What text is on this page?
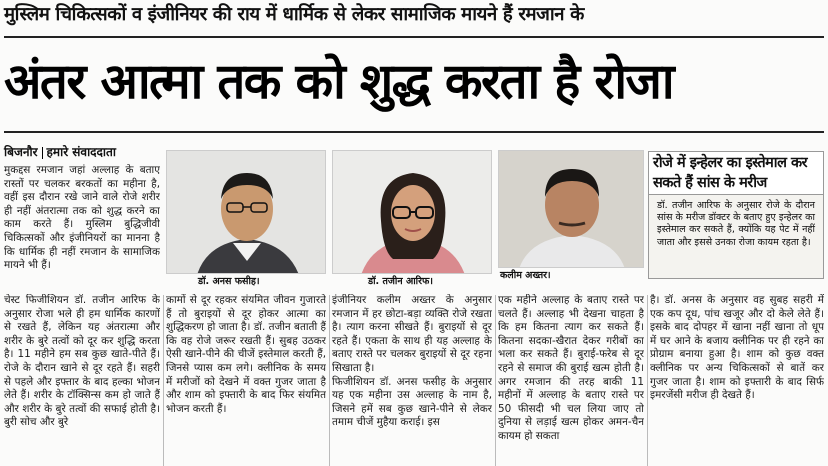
मुस्लिम चिकित्सकों व इंजीनियर की राय में धार्मिक से लेकर सामाजिक मायने हैं रमजान के
अंतर आत्मा तक को शुद्ध करता है रोजा
बिजनौर हमारे संवाददाता
मुकद्दस रमजान जहां अल्लाह के बताए रास्तों पर चलकर बरकतों का महीना है, वहीं इस दौरान रखे जाने वाले रोजे शरीर ही नहीं अंतरात्मा तक को शुद्ध करने का काम करते हैं। मुस्लिम बुद्धिजीवी चिकित्सकों और इंजीनियरों का मानना है कि धार्मिक ही नहीं रमजान के सामाजिक मायने भी हैं।
डॉ. अनस फसीह।	डॉ. तजीन आरिफ।
कलीम अख्तर।
रोजे में इन्हेलर का इस्तेमाल कर सकते हैं सांस के मरीज
डॉ. तजीन आरिफ के अनुसार रोजे के दौरान सांस के मरीज डॉक्टर के बताए हुए इन्हेलर का इस्तेमाल कर सकते हैं, क्योंकि यह पेट में नहीं जाता और इससे उनका रोजा कायम रहता है।
चेस्ट फिजीशियन डॉ. तजीन आरिफ के अनुसार रोजा भले ही हम धार्मिक कारणों से रखते हैं, लेकिन यह अंतरात्मा और शरीर के बुरे तत्वों को दूर कर शुद्धि करता है। 11 महीने हम सब कुछ खाते-पीते हैं। रोजे के दौरान खाने से दूर रहते हैं। सहरी से पहले और इफ्तार के बाद हल्का भोजन लेते हैं। शरीर के टॉक्सिन्स कम हो जाते हैं और शरीर के बुरे तत्वों की सफाई होती है। बुरी सोच और बुरे
कामों से दूर रहकर संयमित जीवन गुजारते हैं तो बुराइयों से दूर होकर आत्मा का शुद्धिकरण हो जाता है। डॉ. तजीन बताती हैं कि वह रोजे जरूर रखती हैं। सुबह उठकर ऐसी खाने-पीने की चीजें इस्तेमाल करती हैं, जिनसे प्यास कम लगे। क्लीनिक के समय में मरीजों को देखने में वक्त गुजर जाता है और शाम को इफ्तारी के बाद फिर संयमित भोजन करती हैं।
इंजीनियर कलीम अख्तर के अनुसार रमजान में हर छोटा-बड़ा व्यक्ति रोजे रखता है। त्याग करना सीखते हैं। बुराइयों से दूर रहते हैं। एकता के साथ ही यह अल्लाह के बताए रास्ते पर चलकर बुराइयों से दूर रहना सिखाता है।
फिजीशियन डॉ. अनस फसीह के अनुसार यह एक महीना उस अल्लाह के नाम है, जिसने हमें सब कुछ खाने-पीने से लेकर तमाम चीजें मुहैया कराई। इस
एक महीने अल्लाह के बताए रास्ते पर चलते हैं। अल्लाह भी देखना चाहता है कि हम कितना त्याग कर सकते हैं। कितना सदका-खैरात देकर गरीबों का भला कर सकते हैं। बुराई-फरेब से दूर रहने से समाज की बुराई खत्म होती है। अगर रमजान की तरह बाकी 11 महीनों में अल्लाह के बताए रास्ते पर 50 फीसदी भी चल लिया जाए तो दुनिया से लड़ाई खत्म होकर अमन-चैन कायम हो सकता
है। डॉ. अनस के अनुसार वह सुबह सहरी में एक कप दूध, पांच खजूर और दो केले लेते हैं। इसके बाद दोपहर में खाना नहीं खाना तो धूप में घर आने के बजाय क्लीनिक पर ही रहने का प्रोग्राम बनाया हुआ है। शाम को कुछ वक्त क्लीनिक पर अन्य चिकित्सकों से बातें कर गुजर जाता है। शाम को इफ्तारी के बाद सिर्फ इमरजेंसी मरीज ही देखते हैं।
